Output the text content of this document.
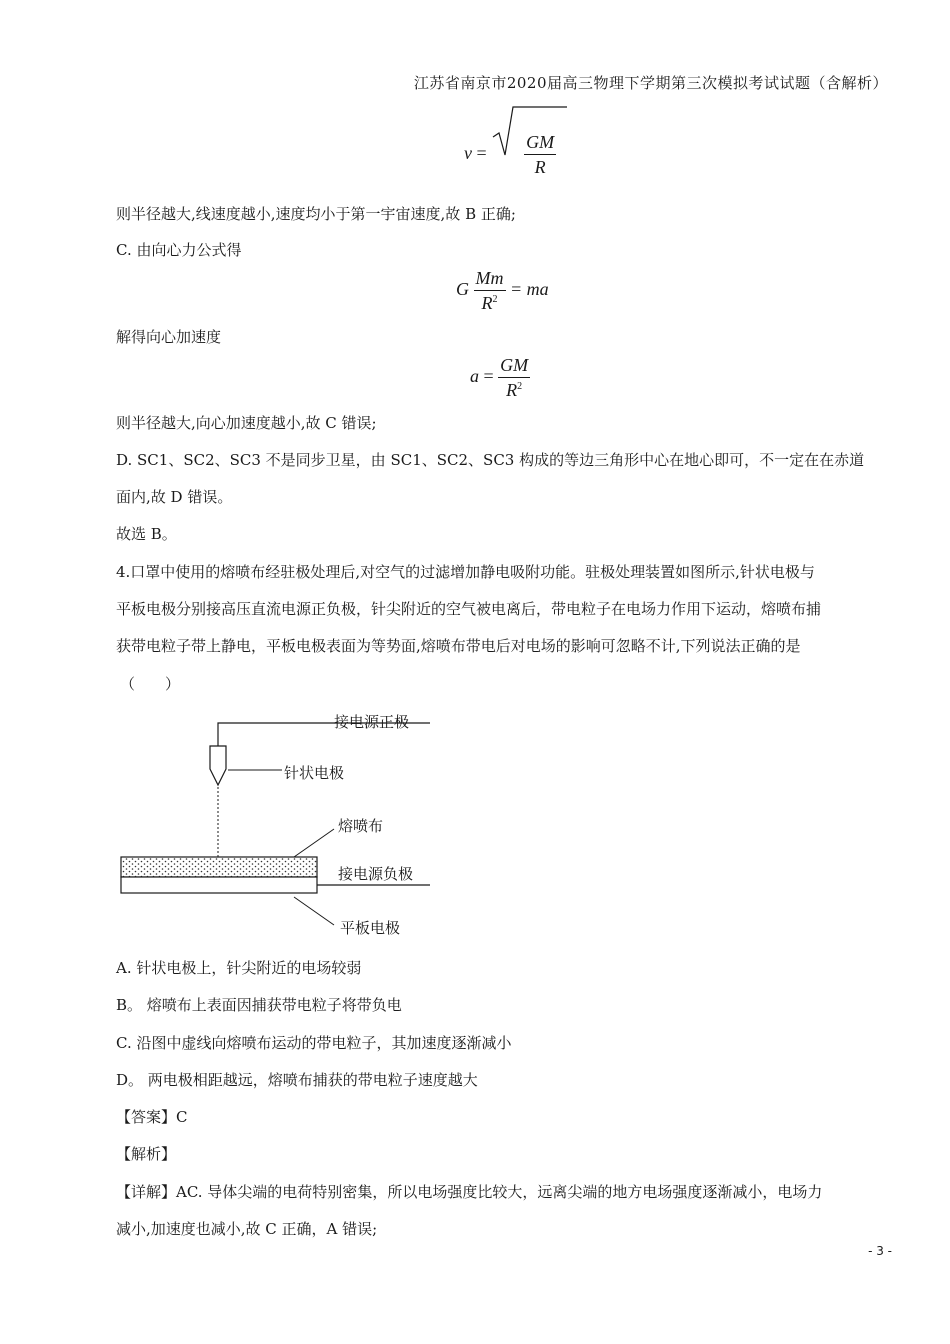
江苏省南京市2020届高三物理下学期第三次模拟考试试题（含解析）
$v = \frac{GM}{R}$
则半径越大,线速度越小,速度均小于第一宇宙速度,故 B 正确;
C. 由向心力公式得
G $\frac{Mm}{R^2}$ = ma
解得向心加速度
$a = \frac{GM}{R^2}$
则半径越大,向心加速度越小,故 C 错误;
D. SC1、SC2、SC3 不是同步卫星，由 SC1、SC2、SC3 构成的等边三角形中心在地心即可，不一定在在赤道
面内,故 D 错误。
故选 B。
4.口罩中使用的熔喷布经驻极处理后,对空气的过滤增加静电吸附功能。驻极处理装置如图所示,针状电极与
平板电极分别接高压直流电源正负极，针尖附近的空气被电离后，带电粒子在电场力作用下运动，熔喷布捕
获带电粒子带上静电，平板电极表面为等势面,熔喷布带电后对电场的影响可忽略不计,下列说法正确的是
（　　）
接电源正极
针状电极
熔喷布
接电源负极
平板电极
A. 针状电极上，针尖附近的电场较弱
B。 熔喷布上表面因捕获带电粒子将带负电
C. 沿图中虚线向熔喷布运动的带电粒子，其加速度逐渐减小
D。 两电极相距越远，熔喷布捕获的带电粒子速度越大
【答案】C
【解析】
【详解】AC. 导体尖端的电荷特别密集，所以电场强度比较大，远离尖端的地方电场强度逐渐减小，电场力
减小,加速度也减小,故 C 正确，A 错误;
- 3 -
